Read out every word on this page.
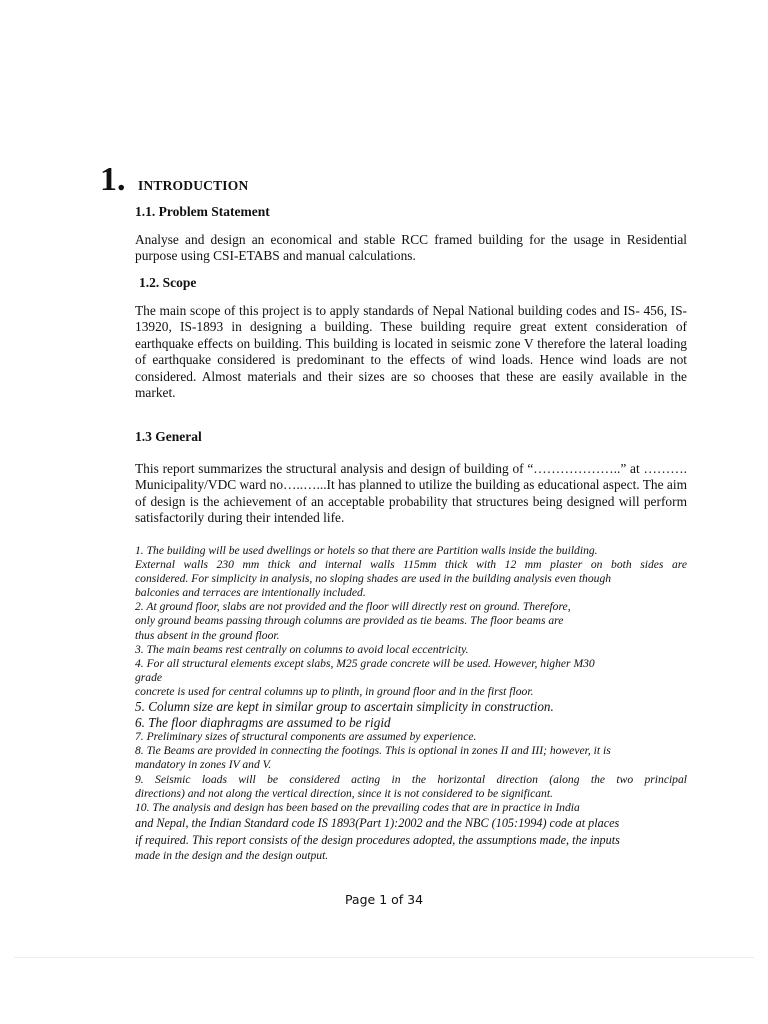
1. INTRODUCTION
1.1. Problem Statement
Analyse and design an economical and stable RCC framed building for the usage in Residential purpose using CSI-ETABS and manual calculations.
1.2. Scope
The main scope of this project is to apply standards of Nepal National building codes and IS- 456, IS-13920, IS-1893 in designing a building. These building require great extent consideration of earthquake effects on building. This building is located in seismic zone V therefore the lateral loading of earthquake considered is predominant to the effects of wind loads. Hence wind loads are not considered. Almost materials and their sizes are so chooses that these are easily available in the market.
1.3 General
This report summarizes the structural analysis and design of building of “………………..” at ………. Municipality/VDC ward no…..…...It has planned to utilize the building as educational aspect. The aim of design is the achievement of an acceptable probability that structures being designed will perform satisfactorily during their intended life.
1. The building will be used dwellings or hotels so that there are Partition walls inside the building.
External walls 230 mm thick and internal walls 115mm thick with 12 mm plaster on both sides are
considered. For simplicity in analysis, no sloping shades are used in the building analysis even though
balconies and terraces are intentionally included.
2. At ground floor, slabs are not provided and the floor will directly rest on ground. Therefore,
only ground beams passing through columns are provided as tie beams. The floor beams are
thus absent in the ground floor.
3. The main beams rest centrally on columns to avoid local eccentricity.
4. For all structural elements except slabs, M25 grade concrete will be used. However, higher M30
grade
concrete is used for central columns up to plinth, in ground floor and in the first floor.
5. Column size are kept in similar group to ascertain simplicity in construction.
6. The floor diaphragms are assumed to be rigid
7. Preliminary sizes of structural components are assumed by experience.
8. Tie Beams are provided in connecting the footings. This is optional in zones II and III; however, it is
mandatory in zones IV and V.
9. Seismic loads will be considered acting in the horizontal direction (along the two principal
directions) and not along the vertical direction, since it is not considered to be significant.
10. The analysis and design has been based on the prevailing codes that are in practice in India
and Nepal, the Indian Standard code IS 1893(Part 1):2002 and the NBC (105:1994) code at places
if required. This report consists of the design procedures adopted, the assumptions made, the inputs
made in the design and the design output.
Page 1 of 34
